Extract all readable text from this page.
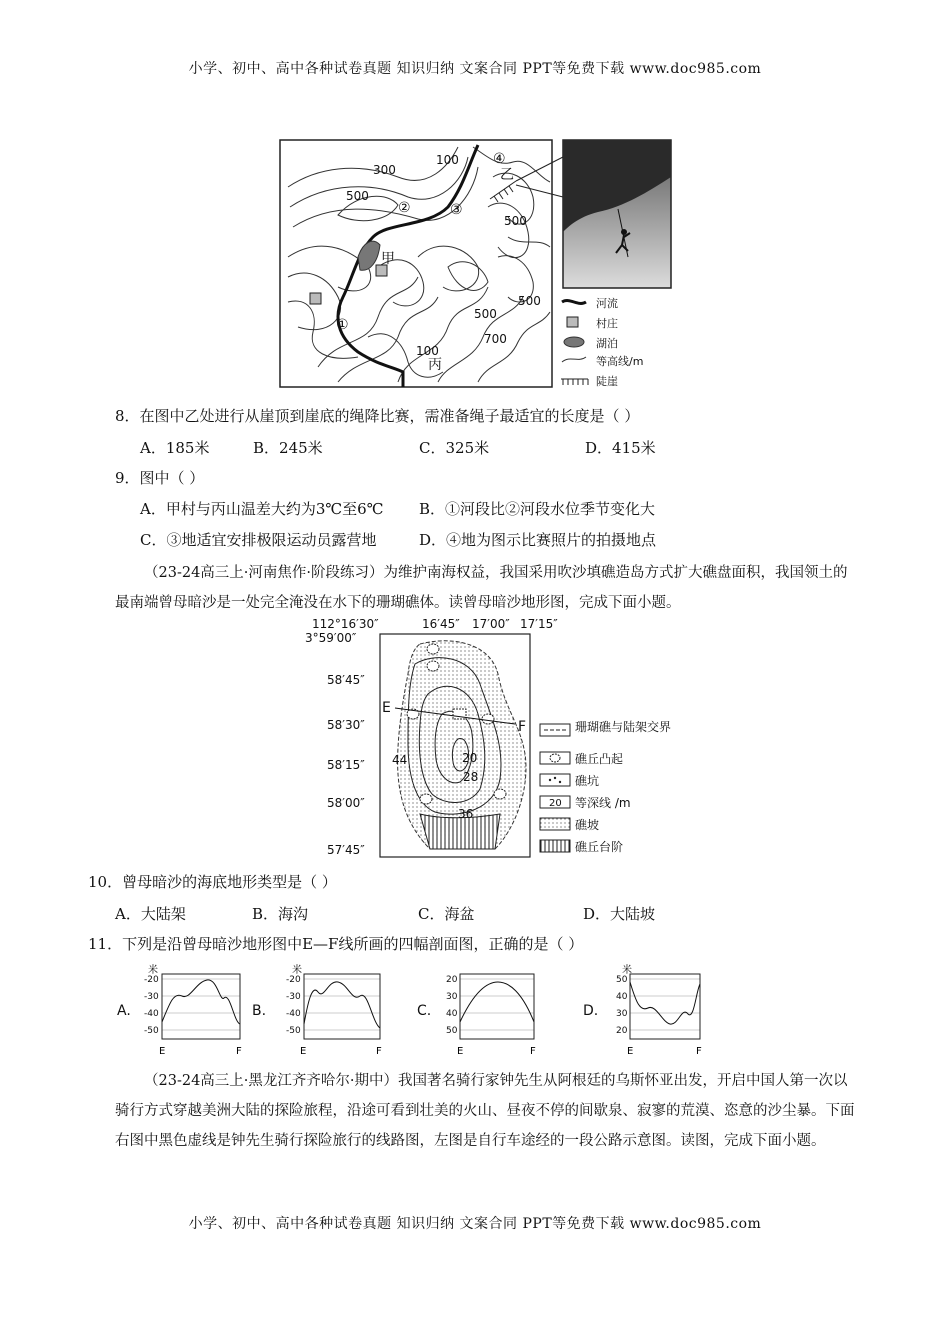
小学、初中、高中各种试卷真题 知识归纳 文案合同 PPT等免费下载 www.doc985.com
100
300
500
500
500
500
700
100
①
②	③
④
甲
乙
丙
河流
村庄
湖泊
等高线/m
陡崖
8．在图中乙处进行从崖顶到崖底的绳降比赛，需准备绳子最适宜的长度是（ ）
A．185米	B．245米	C．325米	D．415米
9．图中（ ）
A．甲村与丙山温差大约为3℃至6℃ B．①河段比②河段水位季节变化大
C．③地适宜安排极限运动员露营地	D．④地为图示比赛照片的拍摄地点
（23-24高三上·河南焦作·阶段练习）为维护南海权益，我国采用吹沙填礁造岛方式扩大礁盘面积，我国领土的最南端曾母暗沙是一处完全淹没在水下的珊瑚礁体。读曾母暗沙地形图，完成下面小题。
112°16′30″	16′45″ 17′00″ 17′15″
3°59′00″
58′45″
58′30″
58′15″
58′00″
57′45″
E
F
20
28
44
36
珊瑚礁与陆架交界
礁丘凸起
礁坑
20 等深线 /m
礁坡
礁丘台阶
10．曾母暗沙的海底地形类型是（ ）
A．大陆架	B．海沟	C．海盆	D．大陆坡
11．下列是沿曾母暗沙地形图中E—F线所画的四幅剖面图，正确的是（ ）
A.
米
-20
-30
-40
-50
E	F
B.
米
-20
-30
-40
-50
E	F
C.
20
30
40
50
E	F
D.
米
50
40
30
20
E	F
（23-24高三上·黑龙江齐齐哈尔·期中）我国著名骑行家钟先生从阿根廷的乌斯怀亚出发，开启中国人第一次以骑行方式穿越美洲大陆的探险旅程，沿途可看到壮美的火山、昼夜不停的间歇泉、寂寥的荒漠、恣意的沙尘暴。下面右图中黑色虚线是钟先生骑行探险旅行的线路图，左图是自行车途经的一段公路示意图。读图，完成下面小题。
小学、初中、高中各种试卷真题 知识归纳 文案合同 PPT等免费下载 www.doc985.com
